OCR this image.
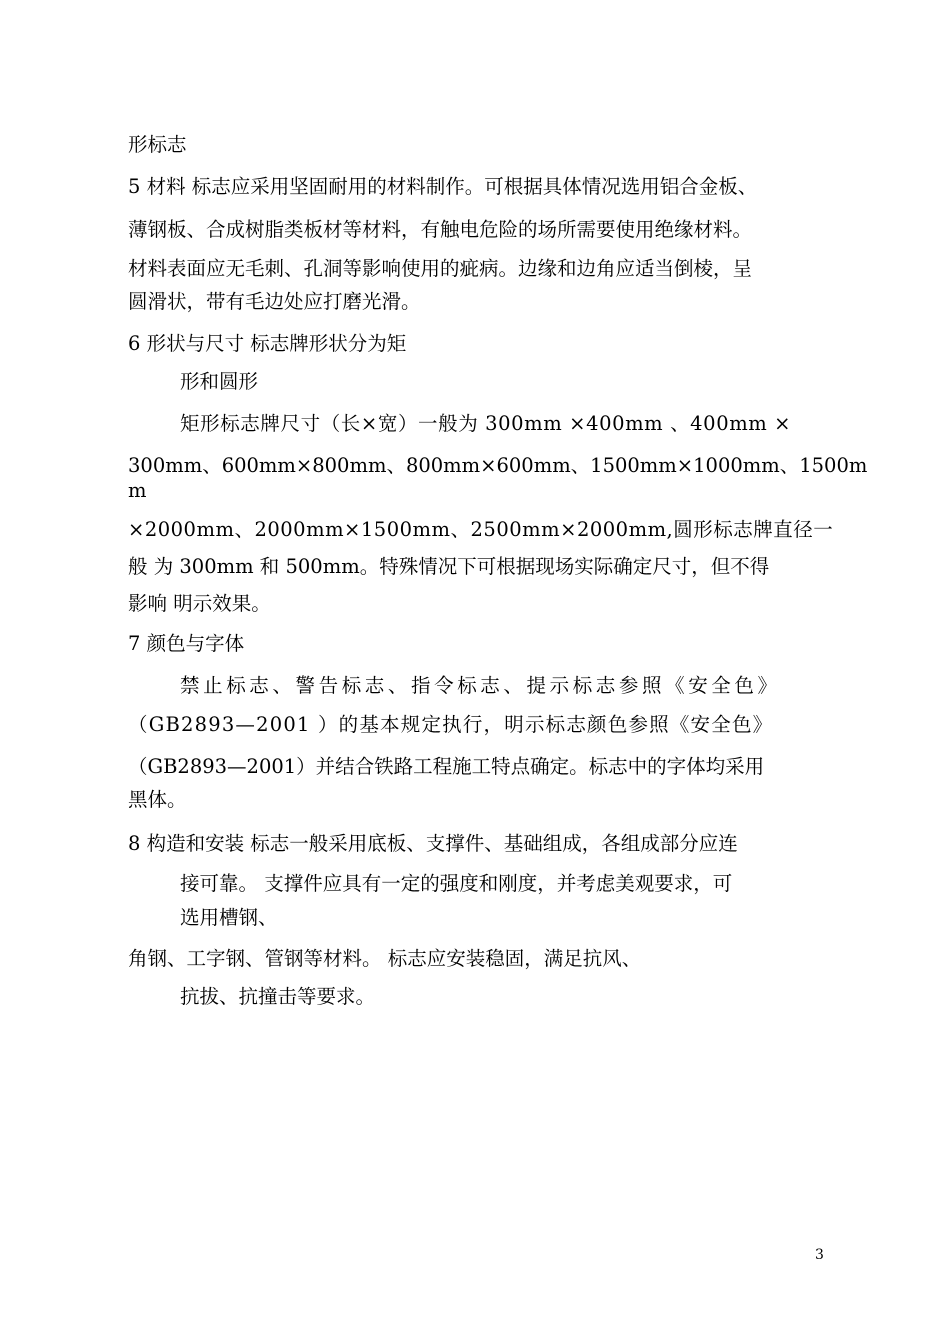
形标志
5 材料 标志应采用坚固耐用的材料制作。可根据具体情况选用铝合金板、
薄钢板、合成树脂类板材等材料，有触电危险的场所需要使用绝缘材料。
材料表面应无毛刺、孔洞等影响使用的疵病。边缘和边角应适当倒棱，呈
圆滑状，带有毛边处应打磨光滑。
6 形状与尺寸 标志牌形状分为矩
形和圆形
矩形标志牌尺寸（长×宽）一般为 300mm ×400mm 、400mm ×
300mm、600mm×800mm、800mm×600mm、1500mm×1000mm、1500m
m
×2000mm、2000mm×1500mm、2500mm×2000mm,圆形标志牌直径一
般 为 300mm 和 500mm。特殊情况下可根据现场实际确定尺寸，但不得
影响 明示效果。
7 颜色与字体
禁止标志、警告标志、指令标志、提示标志参照《安全色》
（GB2893—2001 ）的基本规定执行，明示标志颜色参照《安全色》
（GB2893—2001）并结合铁路工程施工特点确定。标志中的字体均采用
黑体。
8 构造和安装 标志一般采用底板、支撑件、基础组成，各组成部分应连
接可靠。 支撑件应具有一定的强度和刚度，并考虑美观要求，可
选用槽钢、
角钢、工字钢、管钢等材料。 标志应安装稳固，满足抗风、
抗拔、抗撞击等要求。
3
